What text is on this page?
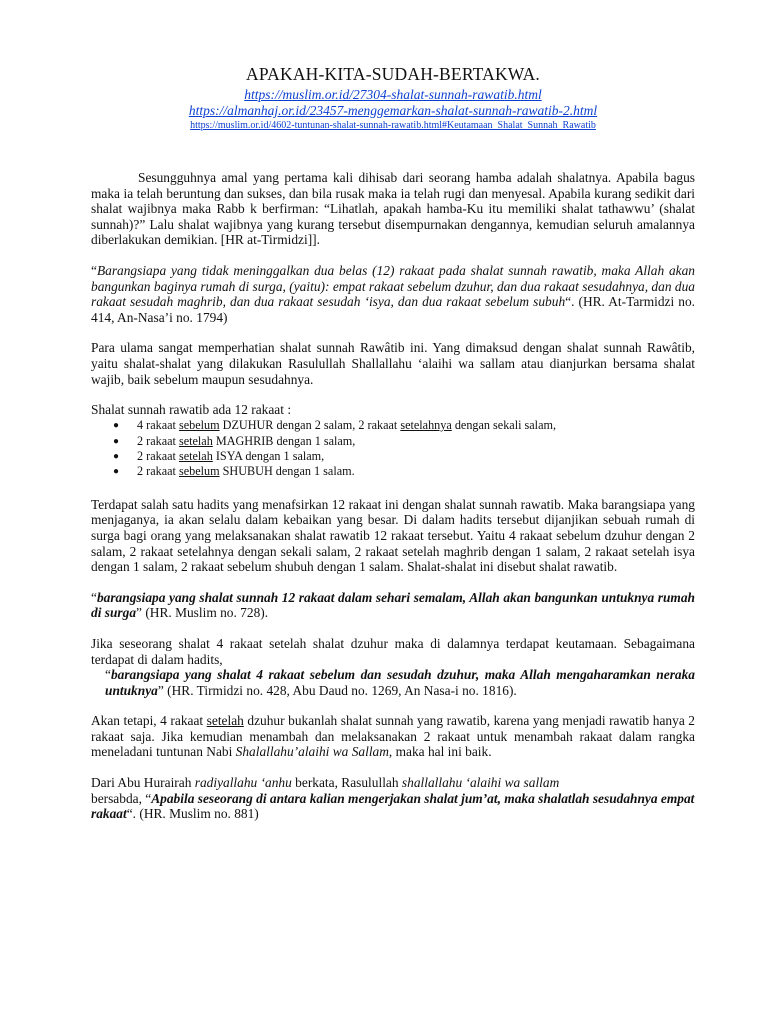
APAKAH-KITA-SUDAH-BERTAKWA.
https://muslim.or.id/27304-shalat-sunnah-rawatib.html
https://almanhaj.or.id/23457-menggemarkan-shalat-sunnah-rawatib-2.html
https://muslim.or.id/4602-tuntunan-shalat-sunnah-rawatib.html#Keutamaan_Shalat_Sunnah_Rawatib

Sesungguhnya amal yang pertama kali dihisab dari seorang hamba adalah shalatnya. Apabila bagus maka ia telah beruntung dan sukses, dan bila rusak maka ia telah rugi dan menyesal. Apabila kurang sedikit dari shalat wajibnya maka Rabb k berfirman: “Lihatlah, apakah hamba-Ku itu memiliki shalat tathawwu’ (shalat sunnah)?” Lalu shalat wajibnya yang kurang tersebut disempurnakan dengannya, kemudian seluruh amalannya diberlakukan demikian. [HR at-Tirmidzi]].

“Barangsiapa yang tidak meninggalkan dua belas (12) rakaat pada shalat sunnah rawatib, maka Allah akan bangunkan baginya rumah di surga, (yaitu): empat rakaat sebelum dzuhur, dan dua rakaat sesudahnya, dan dua rakaat sesudah maghrib, dan dua rakaat sesudah ‘isya, dan dua rakaat sebelum subuh“. (HR. At-Tarmidzi no. 414, An-Nasa’i no. 1794)

Para ulama sangat memperhatian shalat sunnah Rawâtib ini. Yang dimaksud dengan shalat sunnah Rawâtib, yaitu shalat-shalat yang dilakukan Rasulullah Shallallahu ‘alaihi wa sallam atau dianjurkan bersama shalat wajib, baik sebelum maupun sesudahnya.

Shalat sunnah rawatib ada 12 rakaat :
● 4 rakaat sebelum DZUHUR dengan 2 salam, 2 rakaat setelahnya dengan sekali salam,
● 2 rakaat setelah MAGHRIB dengan 1 salam,
● 2 rakaat setelah ISYA dengan 1 salam,
● 2 rakaat sebelum SHUBUH dengan 1 salam.

Terdapat salah satu hadits yang menafsirkan 12 rakaat ini dengan shalat sunnah rawatib. Maka barangsiapa yang menjaganya, ia akan selalu dalam kebaikan yang besar. Di dalam hadits tersebut dijanjikan sebuah rumah di surga bagi orang yang melaksanakan shalat rawatib 12 rakaat tersebut. Yaitu 4 rakaat sebelum dzuhur dengan 2 salam, 2 rakaat setelahnya dengan sekali salam, 2 rakaat setelah maghrib dengan 1 salam, 2 rakaat setelah isya dengan 1 salam, 2 rakaat sebelum shubuh dengan 1 salam. Shalat-shalat ini disebut shalat rawatib.

“barangsiapa yang shalat sunnah 12 rakaat dalam sehari semalam, Allah akan bangunkan untuknya rumah di surga” (HR. Muslim no. 728).

Jika seseorang shalat 4 rakaat setelah shalat dzuhur maka di dalamnya terdapat keutamaan. Sebagaimana terdapat di dalam hadits,

“barangsiapa yang shalat 4 rakaat sebelum dan sesudah dzuhur, maka Allah mengaharamkan neraka untuknya” (HR. Tirmidzi no. 428, Abu Daud no. 1269, An Nasa-i no. 1816).

Akan tetapi, 4 rakaat setelah dzuhur bukanlah shalat sunnah yang rawatib, karena yang menjadi rawatib hanya 2 rakaat saja. Jika kemudian menambah dan melaksanakan 2 rakaat untuk menambah rakaat dalam rangka meneladani tuntunan Nabi Shalallahu’alaihi wa Sallam, maka hal ini baik.

Dari Abu Hurairah radiyallahu ‘anhu berkata, Rasulullah shallallahu ‘alaihi wa sallam
bersabda, “Apabila seseorang di antara kalian mengerjakan shalat jum’at, maka shalatlah sesudahnya empat rakaat“. (HR. Muslim no. 881)
